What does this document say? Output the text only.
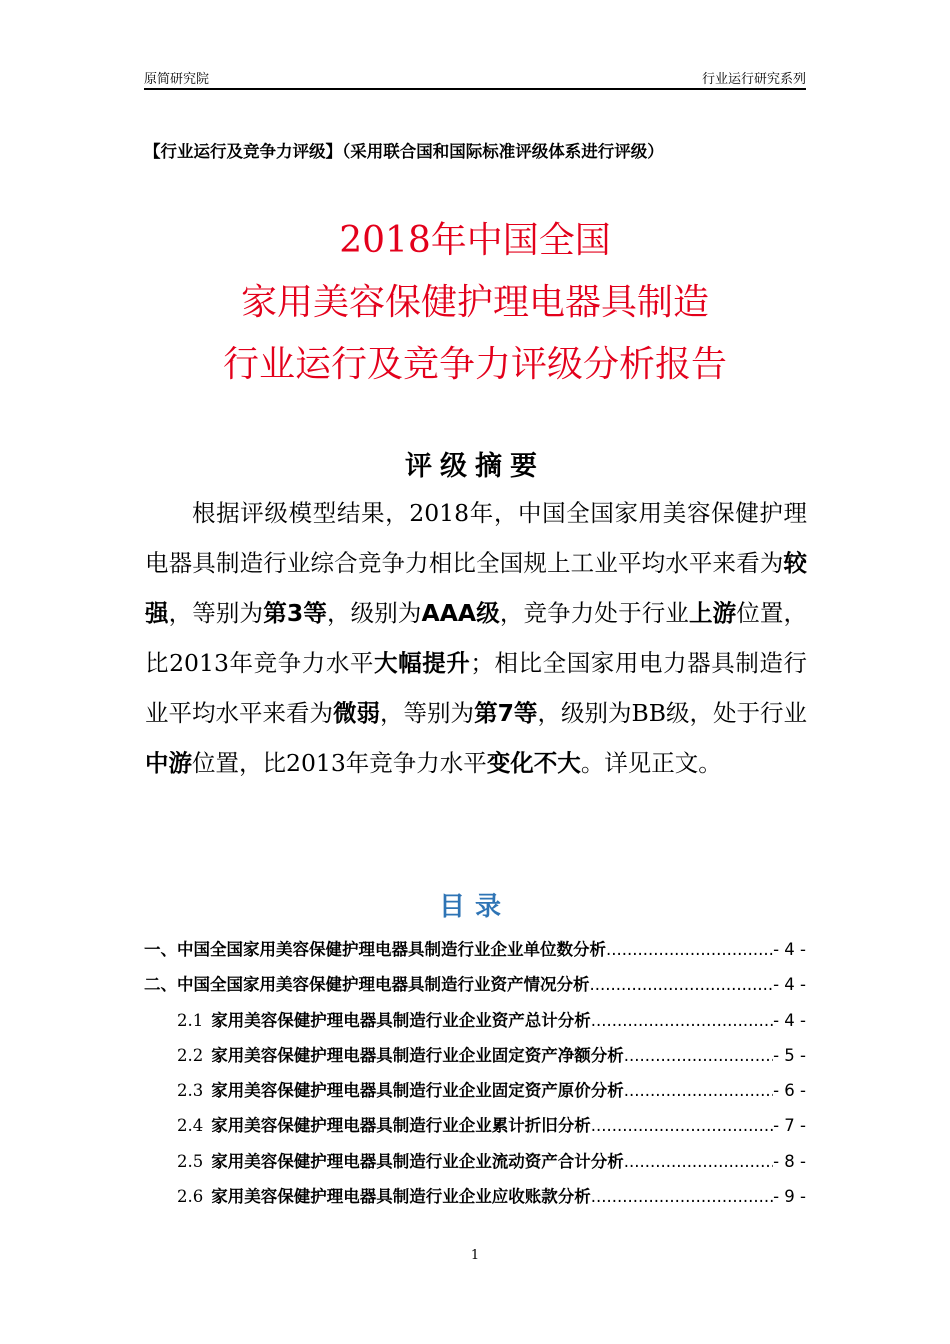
原简研究院	行业运行研究系列
【行业运行及竞争力评级】（采用联合国和国际标准评级体系进行评级）
2018年中国全国
家用美容保健护理电器具制造
行业运行及竞争力评级分析报告
评级摘要
根据评级模型结果，2018年，中国全国家用美容保健护理电器具制造行业综合竞争力相比全国规上工业平均水平来看为较强，等别为第3等，级别为AAA级，竞争力处于行业上游位置，比2013年竞争力水平大幅提升；相比全国家用电力器具制造行业平均水平来看为微弱，等别为第7等，级别为BB级，处于行业中游位置，比2013年竞争力水平变化不大。详见正文。
目录
一、中国全国家用美容保健护理电器具制造行业企业单位数分析 .....	- 4 -
二、中国全国家用美容保健护理电器具制造行业资产情况分析 .....	- 4 -
2.1 家用美容保健护理电器具制造行业企业资产总计分析 .....	- 4 -
2.2 家用美容保健护理电器具制造行业企业固定资产净额分析 .....	- 5 -
2.3 家用美容保健护理电器具制造行业企业固定资产原价分析 .....	- 6 -
2.4 家用美容保健护理电器具制造行业企业累计折旧分析 .....	- 7 -
2.5 家用美容保健护理电器具制造行业企业流动资产合计分析 .....	- 8 -
2.6 家用美容保健护理电器具制造行业企业应收账款分析 .....	- 9 -
1
